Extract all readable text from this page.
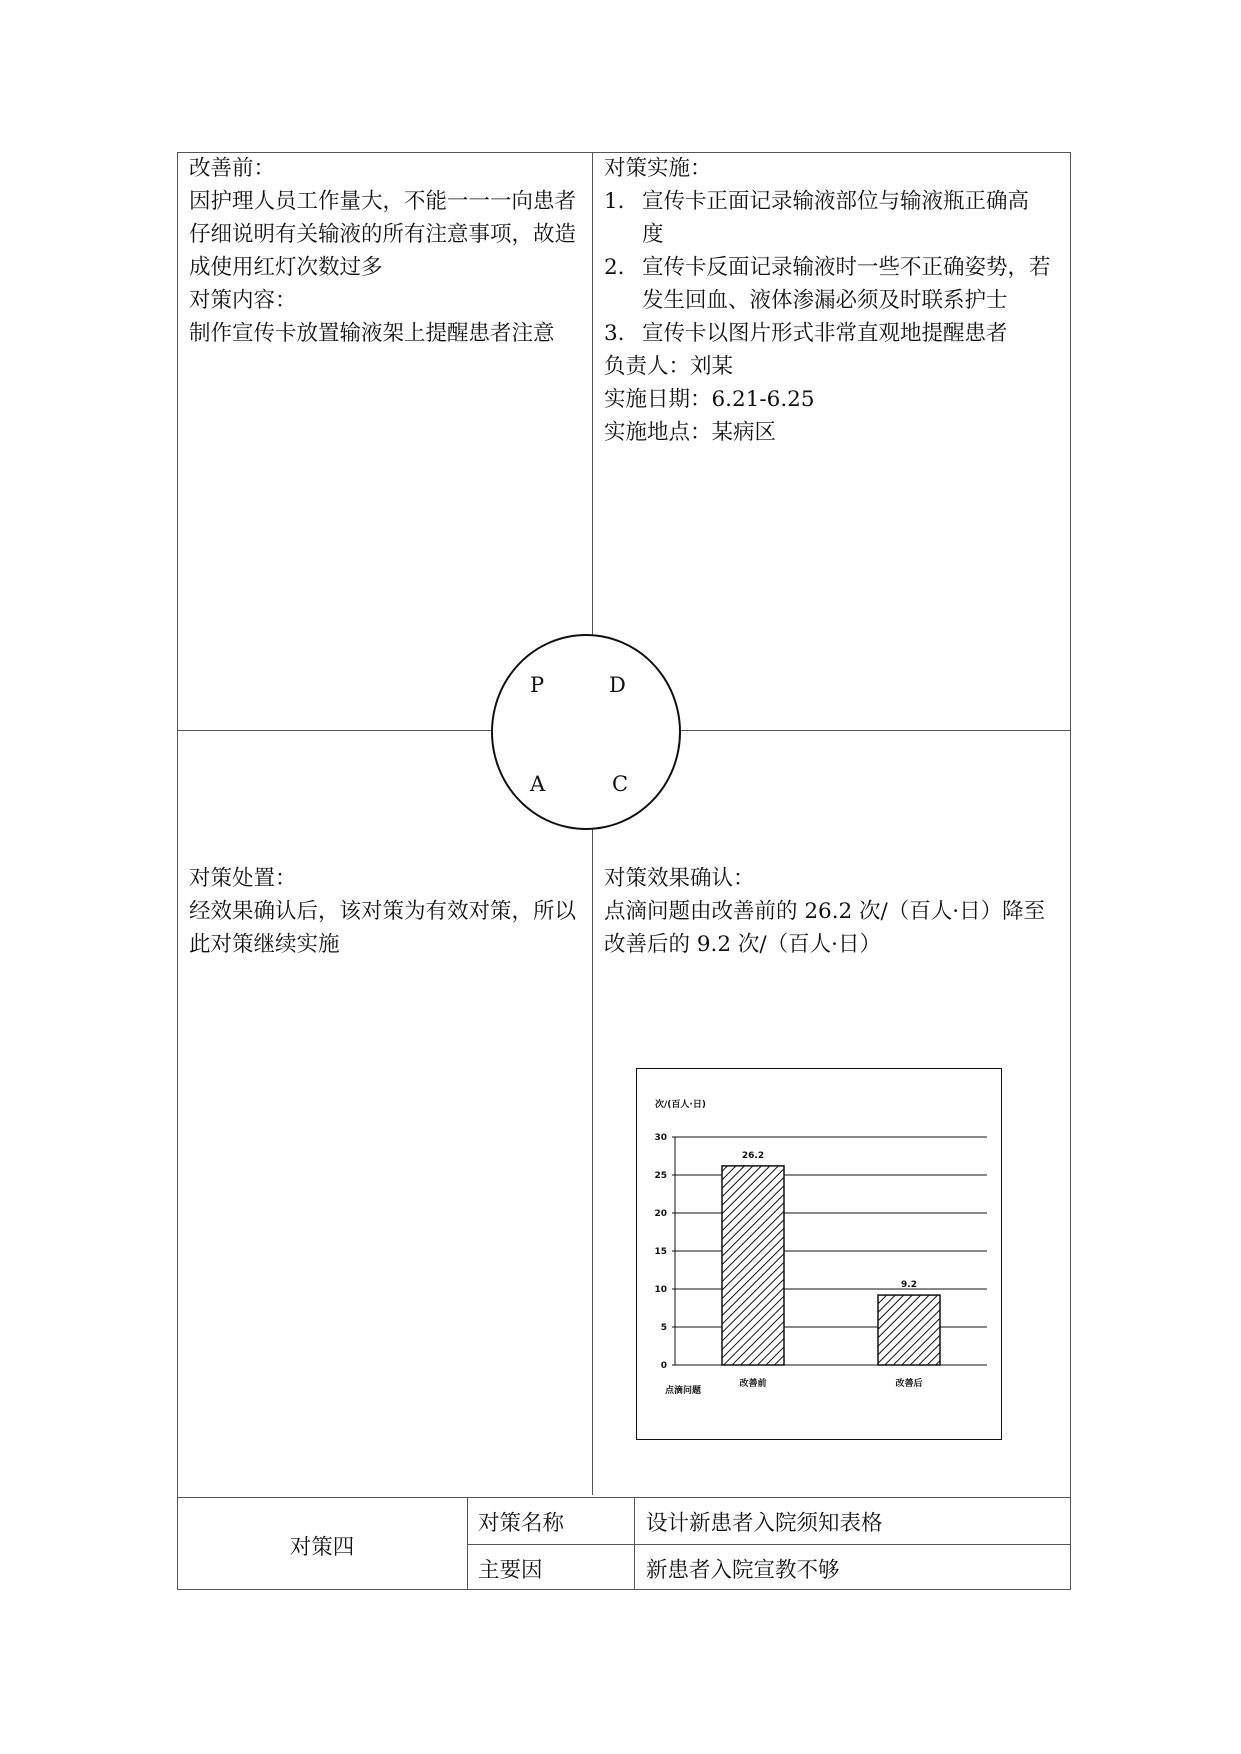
改善前：

因护理人员工作量大，不能一一一向患者

仔细说明有关输液的所有注意事项，故造

成使用红灯次数过多

对策内容：

制作宣传卡放置输液架上提醒患者注意

对策实施：

1. 宣传卡正面记录输液部位与输液瓶正确高
度
2. 宣传卡反面记录输液时一些不正确姿势，若
发生回血、液体渗漏必须及时联系护士
3. 宣传卡以图片形式非常直观地提醒患者

负责人：刘某

实施日期：6.21-6.25

实施地点：某病区

P	D
A	C

对策处置：

经效果确认后，该对策为有效对策，所以

此对策继续实施

对策效果确认：

点滴问题由改善前的 26.2 次/（百人·日）降至

改善后的 9.2 次/（百人·日）

0
5
10
15
20
25
30
26.2
改善前
9.2
改善后
次/(百人·日)
点滴问题
对策四
对策名称	设计新患者入院须知表格
主要因	新患者入院宣教不够
